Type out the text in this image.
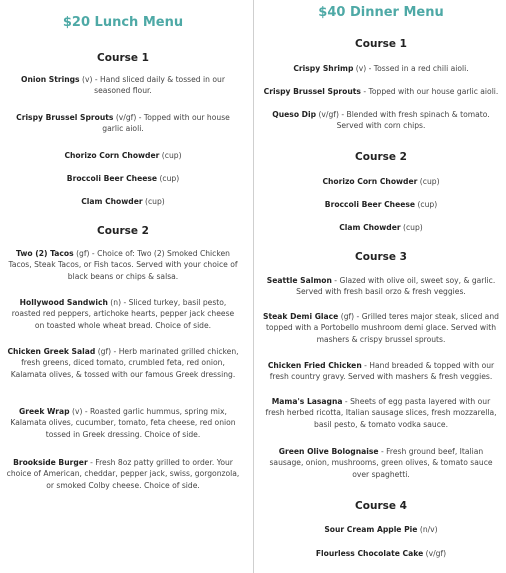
$20 Lunch Menu
Course 1
Onion Strings (v) - Hand sliced daily & tossed in our seasoned flour.
Crispy Brussel Sprouts (v/gf) - Topped with our house garlic aioli.
Chorizo Corn Chowder (cup)
Broccoli Beer Cheese (cup)
Clam Chowder (cup)
Course 2
Two (2) Tacos (gf) - Choice of: Two (2) Smoked Chicken Tacos, Steak Tacos, or Fish tacos. Served with your choice of black beans or chips & salsa.
Hollywood Sandwich (n) - Sliced turkey, basil pesto, roasted red peppers, artichoke hearts, pepper jack cheese on toasted whole wheat bread. Choice of side.
Chicken Greek Salad (gf) - Herb marinated grilled chicken, fresh greens, diced tomato, crumbled feta, red onion, Kalamata olives, & tossed with our famous Greek dressing.
Greek Wrap (v) - Roasted garlic hummus, spring mix, Kalamata olives, cucumber, tomato, feta cheese, red onion tossed in Greek dressing. Choice of side.
Brookside Burger - Fresh 8oz patty grilled to order. Your choice of American, cheddar, pepper jack, swiss, gorgonzola, or smoked Colby cheese. Choice of side.
$40 Dinner Menu
Course 1
Crispy Shrimp (v) - Tossed in a red chili aioli.
Crispy Brussel Sprouts - Topped with our house garlic aioli.
Queso Dip (v/gf) - Blended with fresh spinach & tomato. Served with corn chips.
Course 2
Chorizo Corn Chowder (cup)
Broccoli Beer Cheese (cup)
Clam Chowder (cup)
Course 3
Seattle Salmon - Glazed with olive oil, sweet soy, & garlic. Served with fresh basil orzo & fresh veggies.
Steak Demi Glace (gf) - Grilled teres major steak, sliced and topped with a Portobello mushroom demi glace. Served with mashers & crispy brussel sprouts.
Chicken Fried Chicken - Hand breaded & topped with our fresh country gravy. Served with mashers & fresh veggies.
Mama's Lasagna - Sheets of egg pasta layered with our fresh herbed ricotta, Italian sausage slices, fresh mozzarella, basil pesto, & tomato vodka sauce.
Green Olive Bolognaise - Fresh ground beef, Italian sausage, onion, mushrooms, green olives, & tomato sauce over spaghetti.
Course 4
Sour Cream Apple Pie (n/v)
Flourless Chocolate Cake (v/gf)
